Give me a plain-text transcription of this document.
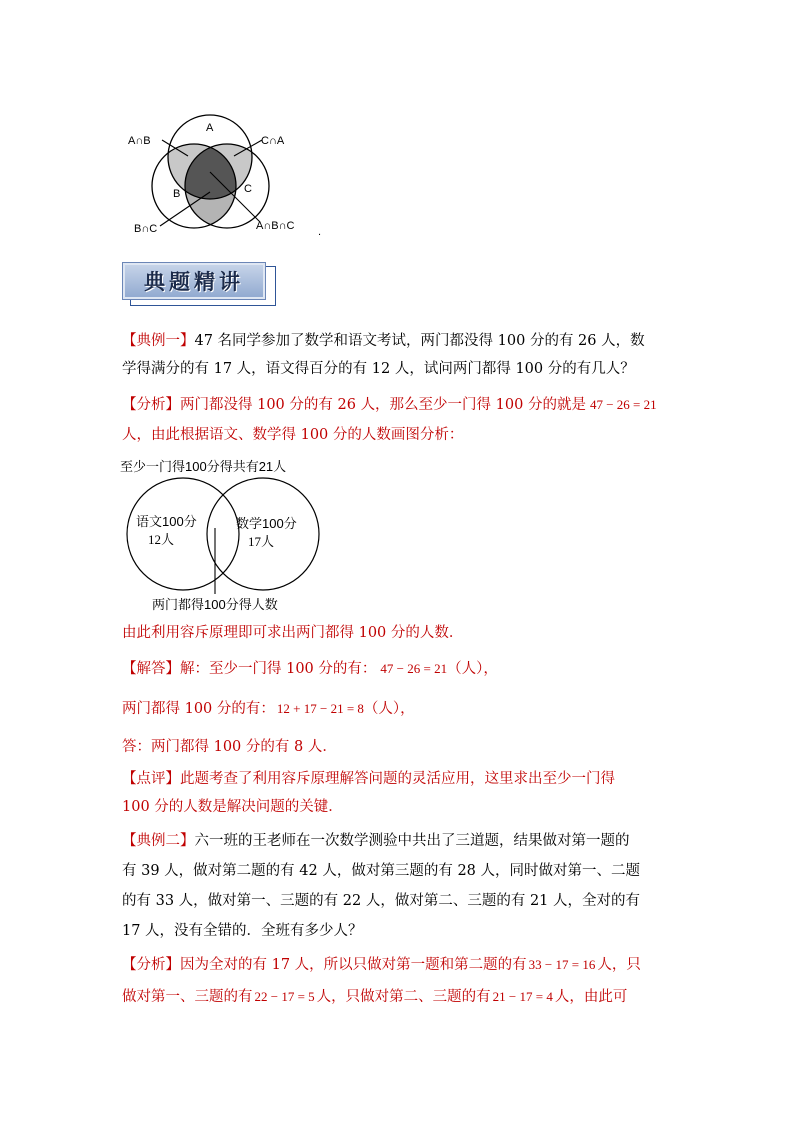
A
B	C
A∩B	C∩A
B∩C	A∩B∩C .
典题精讲
【典例一】47 名同学参加了数学和语文考试，两门都没得 100 分的有 26 人，数
学得满分的有 17 人，语文得百分的有 12 人，试问两门都得 100 分的有几人？
【分析】两门都没得 100 分的有 26 人，那么至少一门得 100 分的就是 47 − 26 = 21
人，由此根据语文、数学得 100 分的人数画图分析：
至少一门得100分得共有21人
语文100分
12人
数学100分
17人
两门都得100分得人数
由此利用容斥原理即可求出两门都得 100 分的人数．
【解答】解：至少一门得 100 分的有： 47 − 26 = 21（人），
两门都得 100 分的有： 12 + 17 − 21 = 8（人），
答：两门都得 100 分的有 8 人．
【点评】此题考查了利用容斥原理解答问题的灵活应用，这里求出至少一门得
100 分的人数是解决问题的关键．
【典例二】六一班的王老师在一次数学测验中共出了三道题，结果做对第一题的
有 39 人，做对第二题的有 42 人，做对第三题的有 28 人，同时做对第一、二题
的有 33 人，做对第一、三题的有 22 人，做对第二、三题的有 21 人，全对的有
17 人，没有全错的．全班有多少人？
【分析】因为全对的有 17 人，所以只做对第一题和第二题的有 33 − 17 = 16 人，只
做对第一、三题的有 22 − 17 = 5 人，只做对第二、三题的有 21 − 17 = 4 人，由此可
